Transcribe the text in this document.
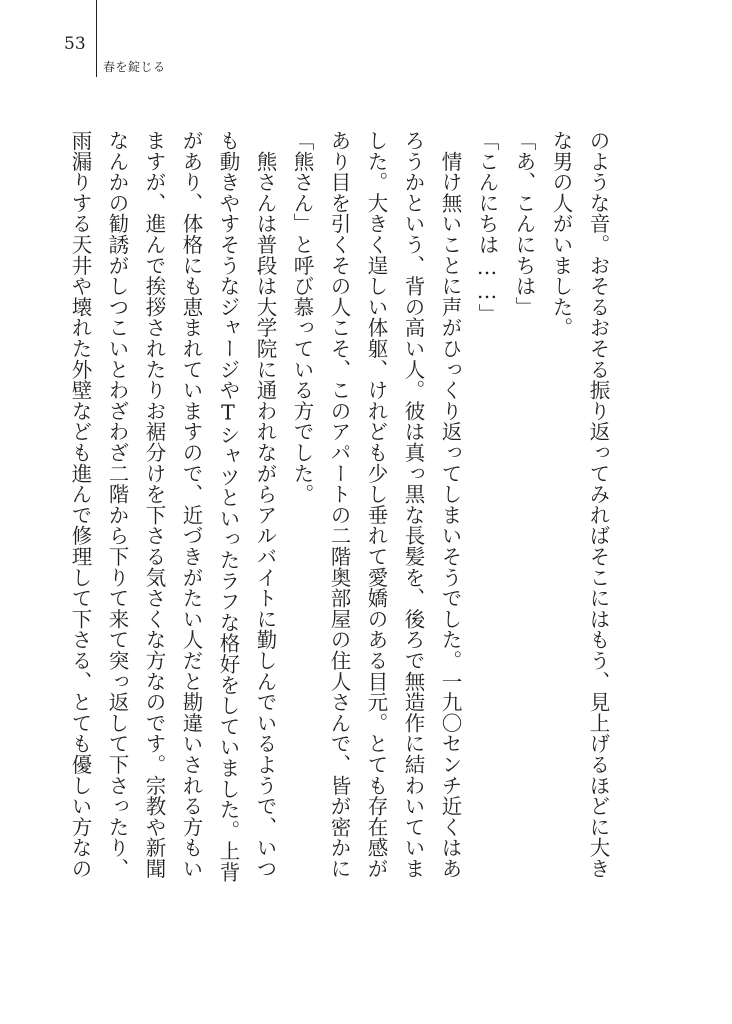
53
春を錠じる
のような音。おそるおそる振り返ってみればそこにはもう、見上げるほどに大き
な男の人がいました。
「あ、こんにちは」
「こんにちは……」
　情け無いことに声がひっくり返ってしまいそうでした。一九〇センチ近くはあ
ろうかという、背の高い人。彼は真っ黒な長髪を、後ろで無造作に結わいていま
した。大きく逞しい体躯、けれども少し垂れて愛嬌のある目元。とても存在感が
あり目を引くその人こそ、このアパートの二階奥部屋の住人さんで、皆が密かに
「熊さん」と呼び慕っている方でした。
　熊さんは普段は大学院に通われながらアルバイトに勤しんでいるようで、いつ
も動きやすそうなジャージやTシャツといったラフな格好をしていました。上背
があり、体格にも恵まれていますので、近づきがたい人だと勘違いされる方もい
ますが、進んで挨拶されたりお裾分けを下さる気さくな方なのです。宗教や新聞
なんかの勧誘がしつこいとわざわざ二階から下りて来て突っ返して下さったり、
雨漏りする天井や壊れた外壁なども進んで修理して下さる、とても優しい方なの
